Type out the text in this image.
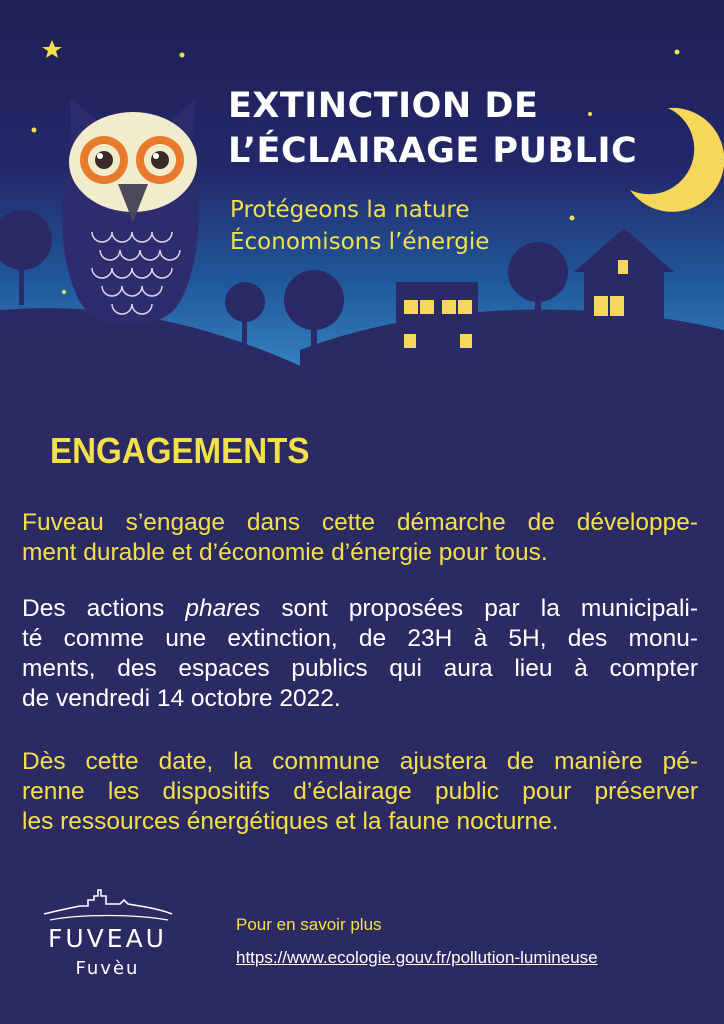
EXTINCTION DE
L’ÉCLAIRAGE PUBLIC
Protégeons la nature
Économisons l’énergie
ENGAGEMENTS
Fuveau s’engage dans cette démarche de développe-
ment durable et d’économie d’énergie pour tous.
Des actions phares sont proposées par la municipali-
té comme une extinction, de 23H à 5H, des monu-
ments, des espaces publics qui aura lieu à compter
de vendredi 14 octobre 2022.
Dès cette date, la commune ajustera de manière pé-
renne les dispositifs d’éclairage public pour préserver
les ressources énergétiques et la faune nocturne.
FUVEAU
Fuvèu
Pour en savoir plus
https://www.ecologie.gouv.fr/pollution-lumineuse
